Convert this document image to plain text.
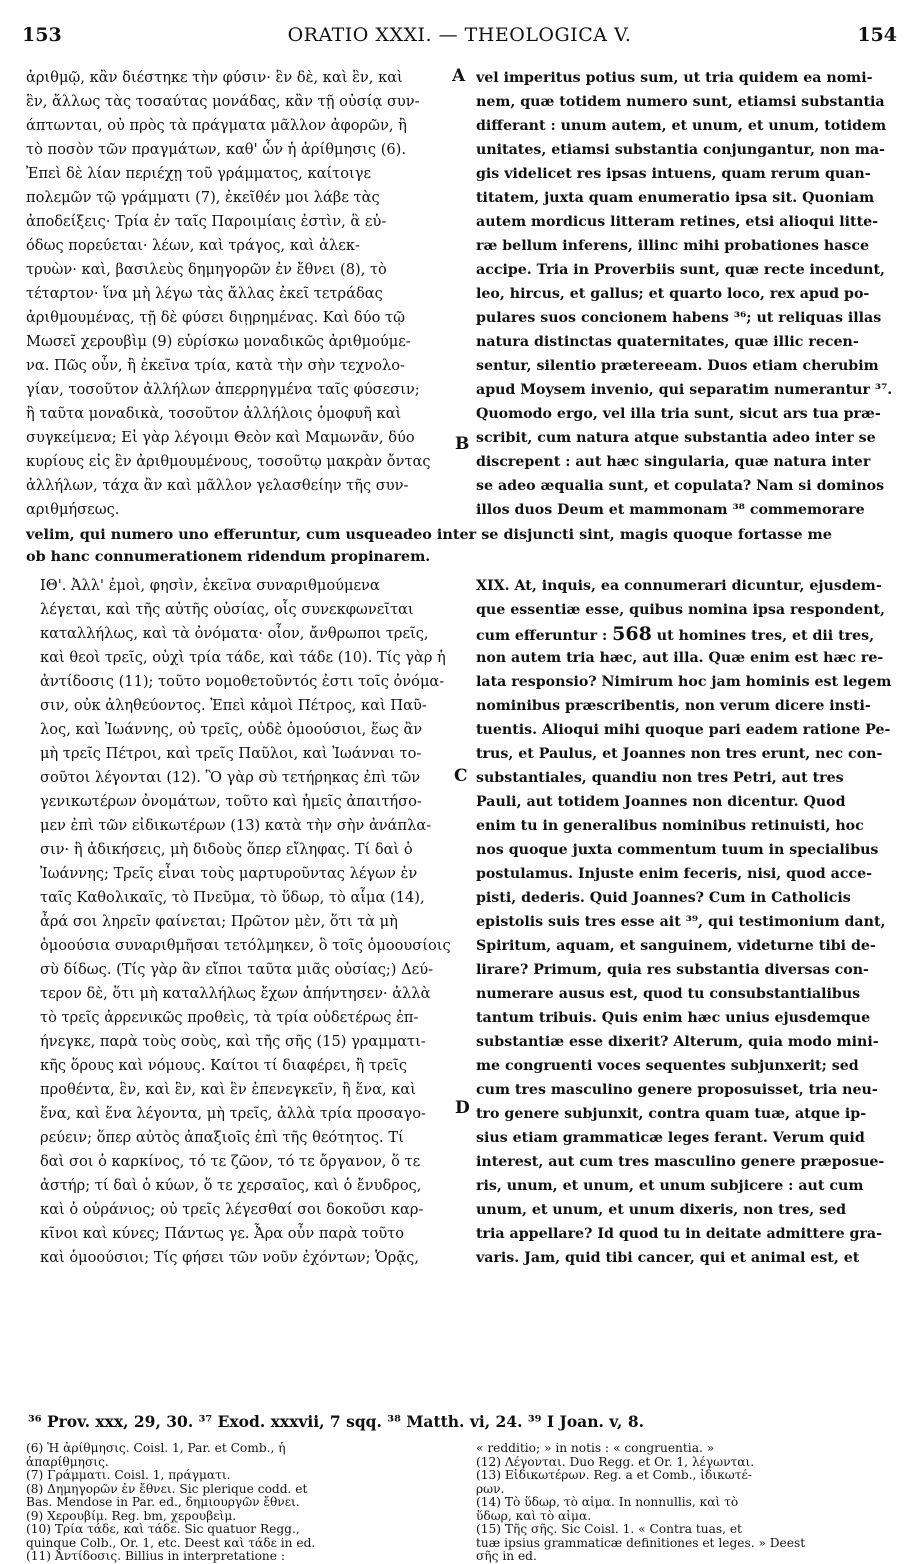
153	ORATIO XXXI. — THEOLOGICA V.	154
ἀριθμῷ, κἂν διέστηκε τὴν φύσιν· ἓν δὲ, καὶ ἓν, καὶ
ἓν, ἄλλως τὰς τοσαύτας μονάδας, κἂν τῇ οὐσίᾳ συν-
άπτωνται, οὐ πρὸς τὰ πράγματα μᾶλλον ἀφορῶν, ἢ
τὸ ποσὸν τῶν πραγμάτων, καθ' ὧν ἡ ἀρίθμησις (6).
Ἐπεὶ δὲ λίαν περιέχῃ τοῦ γράμματος, καίτοιγε
πολεμῶν τῷ γράμματι (7), ἐκεῖθέν μοι λάβε τὰς
ἀποδείξεις· Τρία ἐν ταῖς Παροιμίαις ἐστὶν, ἃ εὐ-
όδως πορεύεται· λέων, καὶ τράγος, καὶ ἀλεκ-
τρυὼν· καὶ, βασιλεὺς δημηγορῶν ἐν ἔθνει (8), τὸ
τέταρτον· ἵνα μὴ λέγω τὰς ἄλλας ἐκεῖ τετράδας
ἀριθμουμένας, τῇ δὲ φύσει διῃρημένας. Καὶ δύο τῷ
Μωσεῖ χερουβὶμ (9) εὑρίσκω μοναδικῶς ἀριθμούμε-
να. Πῶς οὖν, ἢ ἐκεῖνα τρία, κατὰ τὴν σὴν τεχνολο-
γίαν, τοσοῦτον ἀλλήλων ἀπερρηγμένα ταῖς φύσεσιν;
ἢ ταῦτα μοναδικὰ, τοσοῦτον ἀλλήλοις ὁμοφυῆ καὶ
συγκείμενα; Εἰ γὰρ λέγοιμι Θεὸν καὶ Μαμωνᾶν, δύο
κυρίους εἰς ἓν ἀριθμουμένους, τοσοῦτῳ μακρὰν ὄντας
ἀλλήλων, τάχα ἂν καὶ μᾶλλον γελασθείην τῆς συν-
αριθμήσεως.
vel imperitus potius sum, ut tria quidem ea nomi-
nem, quæ totidem numero sunt, etiamsi substantia
differant : unum autem, et unum, et unum, totidem
unitates, etiamsi substantia conjungantur, non ma-
gis videlicet res ipsas intuens, quam rerum quan-
titatem, juxta quam enumeratio ipsa sit. Quoniam
autem mordicus litteram retines, etsi alioqui litte-
ræ bellum inferens, illinc mihi probationes hasce
accipe. Tria in Proverbiis sunt, quæ recte incedunt,
leo, hircus, et gallus; et quarto loco, rex apud po-
pulares suos concionem habens ³⁶; ut reliquas illas
natura distinctas quaternitates, quæ illic recen-
sentur, silentio prætereeam. Duos etiam cherubim
apud Moysem invenio, qui separatim numerantur ³⁷.
Quomodo ergo, vel illa tria sunt, sicut ars tua præ-
scribit, cum natura atque substantia adeo inter se
discrepent : aut hæc singularia, quæ natura inter
se adeo æqualia sunt, et copulata? Nam si dominos
illos duos Deum et mammonam ³⁸ commemorare
velim, qui numero uno efferuntur, cum usqueadeo inter se disjuncti sint, magis quoque fortasse me
ob hanc connumerationem ridendum propinarem.
ΙΘ'. Ἀλλ' ἐμοὶ, φησὶν, ἐκεῖνα συναριθμούμενα
λέγεται, καὶ τῆς αὐτῆς οὐσίας, οἷς συνεκφωνεῖται
καταλλήλως, καὶ τὰ ὀνόματα· οἷον, ἄνθρωποι τρεῖς,
καὶ θεοὶ τρεῖς, οὐχὶ τρία τάδε, καὶ τάδε (10). Τίς γὰρ ἡ
ἀντίδοσις (11); τοῦτο νομοθετοῦντός ἐστι τοῖς ὀνόμα-
σιν, οὐκ ἀληθεύοντος. Ἐπεὶ κἀμοὶ Πέτρος, καὶ Παῦ-
λος, καὶ Ἰωάννης, οὐ τρεῖς, οὐδὲ ὁμοούσιοι, ἕως ἂν
μὴ τρεῖς Πέτροι, καὶ τρεῖς Παῦλοι, καὶ Ἰωάνναι το-
σοῦτοι λέγονται (12). Ὃ γὰρ σὺ τετήρηκας ἐπὶ τῶν
γενικωτέρων ὀνομάτων, τοῦτο καὶ ἡμεῖς ἀπαιτήσο-
μεν ἐπὶ τῶν εἰδικωτέρων (13) κατὰ τὴν σὴν ἀνάπλα-
σιν· ἢ ἀδικήσεις, μὴ διδοὺς ὅπερ εἴληφας. Τί δαὶ ὁ
Ἰωάννης; Τρεῖς εἶναι τοὺς μαρτυροῦντας λέγων ἐν
ταῖς Καθολικαῖς, τὸ Πνεῦμα, τὸ ὕδωρ, τὸ αἷμα (14),
ἆρά σοι ληρεῖν φαίνεται; Πρῶτον μὲν, ὅτι τὰ μὴ
ὁμοούσια συναριθμῆσαι τετόλμηκεν, ὃ τοῖς ὁμοουσίοις
σὺ δίδως. (Τίς γὰρ ἂν εἴποι ταῦτα μιᾶς οὐσίας;) Δεύ-
τερον δὲ, ὅτι μὴ καταλλήλως ἔχων ἀπήντησεν· ἀλλὰ
τὸ τρεῖς ἀρρενικῶς προθεὶς, τὰ τρία οὐδετέρως ἐπ-
ήνεγκε, παρὰ τοὺς σοὺς, καὶ τῆς σῆς (15) γραμματι-
κῆς ὅρους καὶ νόμους. Καίτοι τί διαφέρει, ἢ τρεῖς
προθέντα, ἓν, καὶ ἓν, καὶ ἓν ἐπενεγκεῖν, ἢ ἕνα, καὶ
ἕνα, καὶ ἕνα λέγοντα, μὴ τρεῖς, ἀλλὰ τρία προσαγο-
ρεύειν; ὅπερ αὐτὸς ἀπαξιοῖς ἐπὶ τῆς θεότητος. Τί
δαὶ σοι ὁ καρκίνος, τό τε ζῶον, τό τε ὄργανον, ὅ τε
ἀστήρ; τί δαὶ ὁ κύων, ὅ τε χερσαῖος, καὶ ὁ ἔνυδρος,
καὶ ὁ οὐράνιος; οὐ τρεῖς λέγεσθαί σοι δοκοῦσι καρ-
κῖνοι καὶ κύνες; Πάντως γε. Ἆρα οὖν παρὰ τοῦτο
καὶ ὁμοούσιοι; Τίς φήσει τῶν νοῦν ἐχόντων; Ὁρᾷς,
XIX. At, inquis, ea connumerari dicuntur, ejusdem-
que essentiæ esse, quibus nomina ipsa respondent,
cum efferuntur : 568 ut homines tres, et dii tres,
non autem tria hæc, aut illa. Quæ enim est hæc re-
lata responsio? Nimirum hoc jam hominis est legem
nominibus præscribentis, non verum dicere insti-
tuentis. Alioqui mihi quoque pari eadem ratione Pe-
trus, et Paulus, et Joannes non tres erunt, nec con-
substantiales, quandiu non tres Petri, aut tres
Pauli, aut totidem Joannes non dicentur. Quod
enim tu in generalibus nominibus retinuisti, hoc
nos quoque juxta commentum tuum in specialibus
postulamus. Injuste enim feceris, nisi, quod acce-
pisti, dederis. Quid Joannes? Cum in Catholicis
epistolis suis tres esse ait ³⁹, qui testimonium dant,
Spiritum, aquam, et sanguinem, videturne tibi de-
lirare? Primum, quia res substantia diversas con-
numerare ausus est, quod tu consubstantialibus
tantum tribuis. Quis enim hæc unius ejusdemque
substantiæ esse dixerit? Alterum, quia modo mini-
me congruenti voces sequentes subjunxerit; sed
cum tres masculino genere proposuisset, tria neu-
tro genere subjunxit, contra quam tuæ, atque ip-
sius etiam grammaticæ leges ferant. Verum quid
interest, aut cum tres masculino genere præposue-
ris, unum, et unum, et unum subjicere : aut cum
unum, et unum, et unum dixeris, non tres, sed
tria appellare? Id quod tu in deitate admittere gra-
varis. Jam, quid tibi cancer, qui et animal est, et
A
B
C
D
³⁶ Prov. xxx, 29, 30. ³⁷ Exod. xxxvii, 7 sqq. ³⁸ Matth. vi, 24. ³⁹ I Joan. v, 8.
(6) Ἡ ἀρίθμησις. Coisl. 1, Par. et Comb., ἡ
ἀπαρίθμησις.
(7) Γράμματι. Coisl. 1, πράγματι.
(8) Δημηγορῶν ἐν ἔθνει. Sic plerique codd. et
Bas. Mendose in Par. ed., δημιουργῶν ἔθνει.
(9) Χερουβίμ. Reg. bm, χερουβεὶμ.
(10) Τρία τάδε, καὶ τάδε. Sic quatuor Regg.,
quinque Colb., Or. 1, etc. Deest καὶ τάδε in ed.
(11) Ἀντίδοσις. Billius in interpretatione :
« redditio; » in notis : « congruentia. »
(12) Λέγονται. Duo Regg. et Or. 1, λέγωνται.
(13) Εἰδικωτέρων. Reg. a et Comb., ἰδικωτέ-
ρων.
(14) Τὸ ὕδωρ, τὸ αἷμα. In nonnullis, καὶ τὸ
ὕδωρ, καὶ τὸ αἷμα.
(15) Τῆς σῆς. Sic Coisl. 1. « Contra tuas, et
tuæ ipsius grammaticæ definitiones et leges. » Deest
σῆς in ed.
